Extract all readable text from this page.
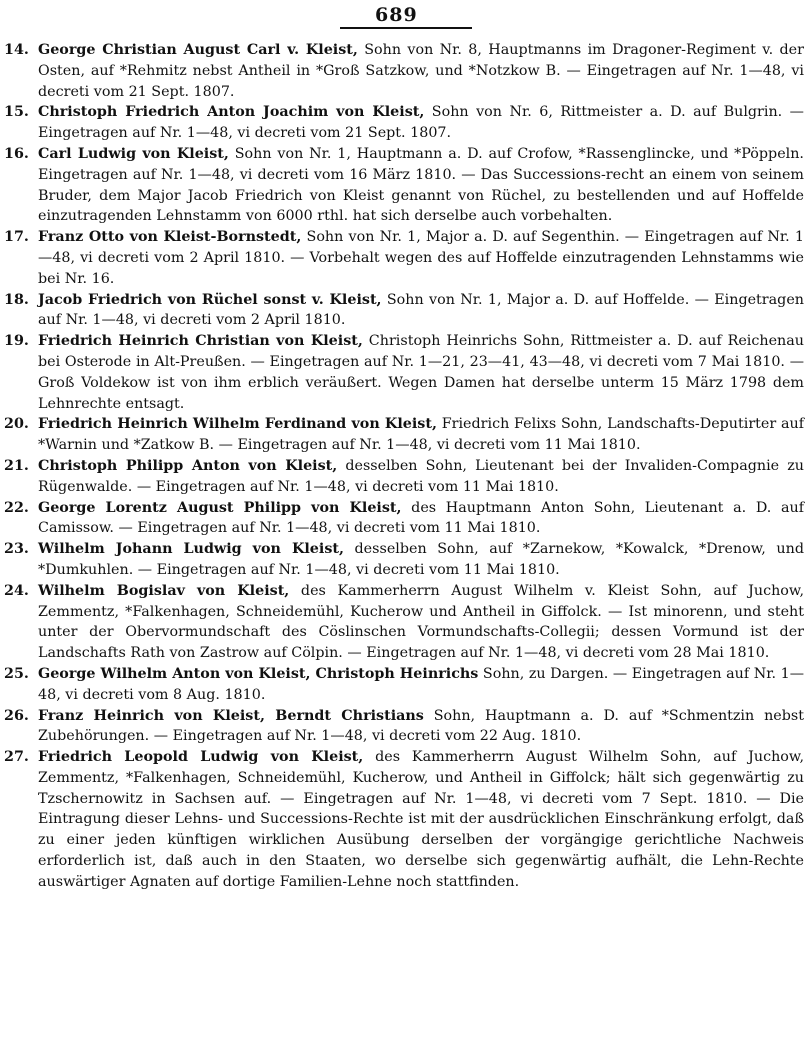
689

14. George Christian August Carl v. Kleist, Sohn von Nr. 8, Hauptmanns im Dragoner-Regiment v. der Osten, auf *Rehmitz nebst Antheil in *Groß Satzkow, und *Notzkow B. — Eingetragen auf Nr. 1—48, vi decreti vom 21 Sept. 1807.

15. Christoph Friedrich Anton Joachim von Kleist, Sohn von Nr. 6, Rittmeister a. D. auf Bulgrin. — Eingetragen auf Nr. 1—48, vi decreti vom 21 Sept. 1807.

16. Carl Ludwig von Kleist, Sohn von Nr. 1, Hauptmann a. D. auf Crofow, *Rassenglincke, und *Pöppeln. Eingetragen auf Nr. 1—48, vi decreti vom 16 März 1810. — Das Successions-recht an einem von seinem Bruder, dem Major Jacob Friedrich von Kleist genannt von Rüchel, zu bestellenden und auf Hoffelde einzutragenden Lehnstamm von 6000 rthl. hat sich derselbe auch vorbehalten.

17. Franz Otto von Kleist-Bornstedt, Sohn von Nr. 1, Major a. D. auf Segenthin. — Eingetragen auf Nr. 1—48, vi decreti vom 2 April 1810. — Vorbehalt wegen des auf Hoffelde einzutragenden Lehnstamms wie bei Nr. 16.

18. Jacob Friedrich von Rüchel sonst v. Kleist, Sohn von Nr. 1, Major a. D. auf Hoffelde. — Eingetragen auf Nr. 1—48, vi decreti vom 2 April 1810.

19. Friedrich Heinrich Christian von Kleist, Christoph Heinrichs Sohn, Rittmeister a. D. auf Reichenau bei Osterode in Alt-Preußen. — Eingetragen auf Nr. 1—21, 23—41, 43—48, vi decreti vom 7 Mai 1810. — Groß Voldekow ist von ihm erblich veräußert. Wegen Damen hat derselbe unterm 15 März 1798 dem Lehnrechte entsagt.

20. Friedrich Heinrich Wilhelm Ferdinand von Kleist, Friedrich Felixs Sohn, Landschafts-Deputirter auf *Warnin und *Zatkow B. — Eingetragen auf Nr. 1—48, vi decreti vom 11 Mai 1810.

21. Christoph Philipp Anton von Kleist, desselben Sohn, Lieutenant bei der Invaliden-Compagnie zu Rügenwalde. — Eingetragen auf Nr. 1—48, vi decreti vom 11 Mai 1810.

22. George Lorentz August Philipp von Kleist, des Hauptmann Anton Sohn, Lieutenant a. D. auf Camissow. — Eingetragen auf Nr. 1—48, vi decreti vom 11 Mai 1810.

23. Wilhelm Johann Ludwig von Kleist, desselben Sohn, auf *Zarnekow, *Kowalck, *Drenow, und *Dumkuhlen. — Eingetragen auf Nr. 1—48, vi decreti vom 11 Mai 1810.

24. Wilhelm Bogislav von Kleist, des Kammerherrn August Wilhelm v. Kleist Sohn, auf Juchow, Zemmentz, *Falkenhagen, Schneidemühl, Kucherow und Antheil in Giffolck. — Ist minorenn, und steht unter der Obervormundschaft des Cöslinschen Vormundschafts-Collegii; dessen Vormund ist der Landschafts Rath von Zastrow auf Cölpin. — Eingetragen auf Nr. 1—48, vi decreti vom 28 Mai 1810.

25. George Wilhelm Anton von Kleist, Christoph Heinrichs Sohn, zu Dargen. — Eingetragen auf Nr. 1—48, vi decreti vom 8 Aug. 1810.

26. Franz Heinrich von Kleist, Berndt Christians Sohn, Hauptmann a. D. auf *Schmentzin nebst Zubehörungen. — Eingetragen auf Nr. 1—48, vi decreti vom 22 Aug. 1810.

27. Friedrich Leopold Ludwig von Kleist, des Kammerherrn August Wilhelm Sohn, auf Juchow, Zemmentz, *Falkenhagen, Schneidemühl, Kucherow, und Antheil in Giffolck; hält sich gegenwärtig zu Tzschernowitz in Sachsen auf. — Eingetragen auf Nr. 1—48, vi decreti vom 7 Sept. 1810. — Die Eintragung dieser Lehns- und Successions-Rechte ist mit der ausdrücklichen Einschränkung erfolgt, daß zu einer jeden künftigen wirklichen Ausübung derselben der vorgängige gerichtliche Nachweis erforderlich ist, daß auch in den Staaten, wo derselbe sich gegenwärtig aufhält, die Lehn-Rechte auswärtiger Agnaten auf dortige Familien-Lehne noch stattfinden.
